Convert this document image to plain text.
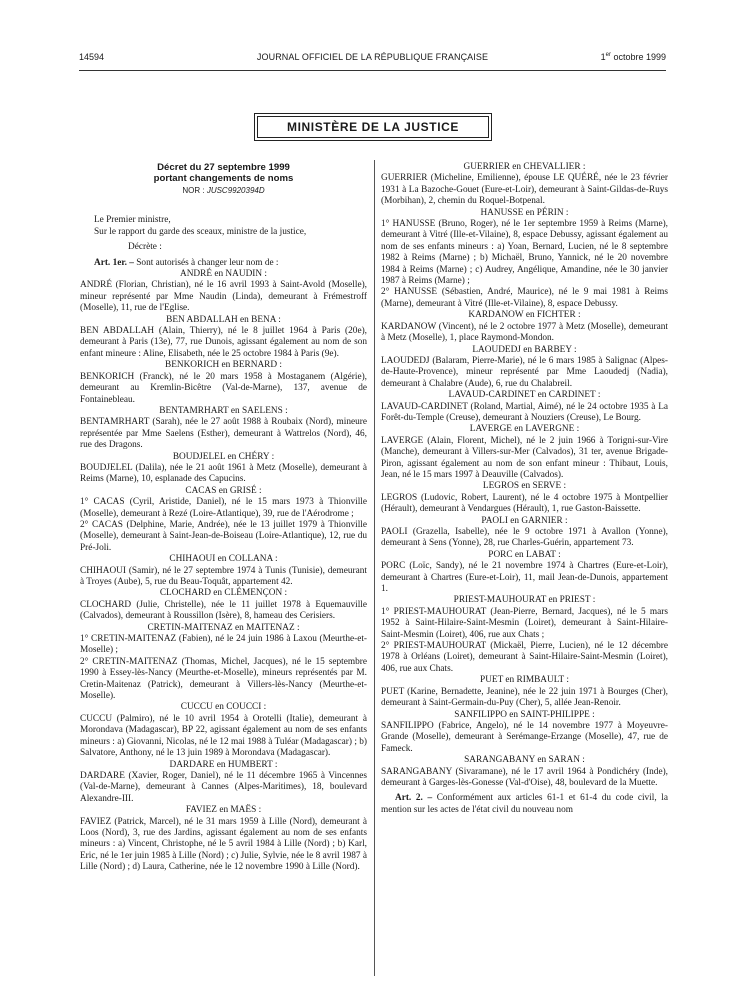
14594	JOURNAL OFFICIEL DE LA RÉPUBLIQUE FRANÇAISE	1er octobre 1999
MINISTÈRE DE LA JUSTICE

Décret du 27 septembre 1999

portant changements de noms

NOR : JUSC9920394D

Le Premier ministre,

Sur le rapport du garde des sceaux, ministre de la justice,

Décrète :

Art. 1er. – Sont autorisés à changer leur nom de :

ANDRÉ en NAUDIN :

ANDRÉ (Florian, Christian), né le 16 avril 1993 à Saint-Avold (Moselle), mineur représenté par Mme Naudin (Linda), demeurant à Frémestroff (Moselle), 11, rue de l'Eglise.

BEN ABDALLAH en BENA :

BEN ABDALLAH (Alain, Thierry), né le 8 juillet 1964 à Paris (20e), demeurant à Paris (13e), 77, rue Dunois, agissant également au nom de son enfant mineure : Aline, Elisabeth, née le 25 octobre 1984 à Paris (9e).

BENKORICH en BERNARD :

BENKORICH (Franck), né le 20 mars 1958 à Mostaganem (Algérie), demeurant au Kremlin-Bicêtre (Val-de-Marne), 137, avenue de Fontainebleau.

BENTAMRHART en SAELENS :

BENTAMRHART (Sarah), née le 27 août 1988 à Roubaix (Nord), mineure représentée par Mme Saelens (Esther), demeurant à Wattrelos (Nord), 46, rue des Dragons.

BOUDJELEL en CHÉRY :

BOUDJELEL (Dalila), née le 21 août 1961 à Metz (Moselle), demeurant à Reims (Marne), 10, esplanade des Capucins.

CACAS en GRISÉ :

1° CACAS (Cyril, Aristide, Daniel), né le 15 mars 1973 à Thionville (Moselle), demeurant à Rezé (Loire-Atlantique), 39, rue de l'Aérodrome ;

2° CACAS (Delphine, Marie, Andrée), née le 13 juillet 1979 à Thionville (Moselle), demeurant à Saint-Jean-de-Boiseau (Loire-Atlantique), 12, rue du Pré-Joli.

CHIHAOUI en COLLANA :

CHIHAOUI (Samir), né le 27 septembre 1974 à Tunis (Tunisie), demeurant à Troyes (Aube), 5, rue du Beau-Toquât, appartement 42.

CLOCHARD en CLÉMENÇON :

CLOCHARD (Julie, Christelle), née le 11 juillet 1978 à Equemauville (Calvados), demeurant à Roussillon (Isère), 8, hameau des Cerisiers.

CRETIN-MAITENAZ en MAITENAZ :

1° CRETIN-MAITENAZ (Fabien), né le 24 juin 1986 à Laxou (Meurthe-et-Moselle) ;

2° CRETIN-MAITENAZ (Thomas, Michel, Jacques), né le 15 septembre 1990 à Essey-lès-Nancy (Meurthe-et-Moselle), mineurs représentés par M. Cretin-Maitenaz (Patrick), demeurant à Villers-lès-Nancy (Meurthe-et-Moselle).

CUCCU en COUCCI :

CUCCU (Palmiro), né le 10 avril 1954 à Orotelli (Italie), demeurant à Morondava (Madagascar), BP 22, agissant également au nom de ses enfants mineurs : a) Giovanni, Nicolas, né le 12 mai 1988 à Tuléar (Madagascar) ; b) Salvatore, Anthony, né le 13 juin 1989 à Morondava (Madagascar).

DARDARE en HUMBERT :

DARDARE (Xavier, Roger, Daniel), né le 11 décembre 1965 à Vincennes (Val-de-Marne), demeurant à Cannes (Alpes-Maritimes), 18, boulevard Alexandre-III.

FAVIEZ en MAËS :

FAVIEZ (Patrick, Marcel), né le 31 mars 1959 à Lille (Nord), demeurant à Loos (Nord), 3, rue des Jardins, agissant également au nom de ses enfants mineurs : a) Vincent, Christophe, né le 5 avril 1984 à Lille (Nord) ; b) Karl, Eric, né le 1er juin 1985 à Lille (Nord) ; c) Julie, Sylvie, née le 8 avril 1987 à Lille (Nord) ; d) Laura, Catherine, née le 12 novembre 1990 à Lille (Nord).

GUERRIER en CHEVALLIER :

GUERRIER (Micheline, Emilienne), épouse LE QUÉRÉ, née le 23 février 1931 à La Bazoche-Gouet (Eure-et-Loir), demeurant à Saint-Gildas-de-Ruys (Morbihan), 2, chemin du Roquel-Botpenal.

HANUSSE en PÉRIN :

1° HANUSSE (Bruno, Roger), né le 1er septembre 1959 à Reims (Marne), demeurant à Vitré (Ille-et-Vilaine), 8, espace Debussy, agissant également au nom de ses enfants mineurs : a) Yoan, Bernard, Lucien, né le 8 septembre 1982 à Reims (Marne) ; b) Michaël, Bruno, Yannick, né le 20 novembre 1984 à Reims (Marne) ; c) Audrey, Angélique, Amandine, née le 30 janvier 1987 à Reims (Marne) ;

2° HANUSSE (Sébastien, André, Maurice), né le 9 mai 1981 à Reims (Marne), demeurant à Vitré (Ille-et-Vilaine), 8, espace Debussy.

KARDANOW en FICHTER :

KARDANOW (Vincent), né le 2 octobre 1977 à Metz (Moselle), demeurant à Metz (Moselle), 1, place Raymond-Mondon.

LAOUDEDJ en BARBEY :

LAOUDEDJ (Balaram, Pierre-Marie), né le 6 mars 1985 à Salignac (Alpes-de-Haute-Provence), mineur représenté par Mme Laoudedj (Nadia), demeurant à Chalabre (Aude), 6, rue du Chalabreil.

LAVAUD-CARDINET en CARDINET :

LAVAUD-CARDINET (Roland, Martial, Aimé), né le 24 octobre 1935 à La Forêt-du-Temple (Creuse), demeurant à Nouziers (Creuse), Le Bourg.

LAVERGE en LAVERGNE :

LAVERGE (Alain, Florent, Michel), né le 2 juin 1966 à Torigni-sur-Vire (Manche), demeurant à Villers-sur-Mer (Calvados), 31 ter, avenue Brigade-Piron, agissant également au nom de son enfant mineur : Thibaut, Louis, Jean, né le 15 mars 1997 à Deauville (Calvados).

LEGROS en SERVE :

LEGROS (Ludovic, Robert, Laurent), né le 4 octobre 1975 à Montpellier (Hérault), demeurant à Vendargues (Hérault), 1, rue Gaston-Baissette.

PAOLI en GARNIER :

PAOLI (Grazella, Isabelle), née le 9 octobre 1971 à Avallon (Yonne), demeurant à Sens (Yonne), 28, rue Charles-Guérin, appartement 73.

PORC en LABAT :

PORC (Loïc, Sandy), né le 21 novembre 1974 à Chartres (Eure-et-Loir), demeurant à Chartres (Eure-et-Loir), 11, mail Jean-de-Dunois, appartement 1.

PRIEST-MAUHOURAT en PRIEST :

1° PRIEST-MAUHOURAT (Jean-Pierre, Bernard, Jacques), né le 5 mars 1952 à Saint-Hilaire-Saint-Mesmin (Loiret), demeurant à Saint-Hilaire-Saint-Mesmin (Loiret), 406, rue aux Chats ;

2° PRIEST-MAUHOURAT (Mickaël, Pierre, Lucien), né le 12 décembre 1978 à Orléans (Loiret), demeurant à Saint-Hilaire-Saint-Mesmin (Loiret), 406, rue aux Chats.

PUET en RIMBAULT :

PUET (Karine, Bernadette, Jeanine), née le 22 juin 1971 à Bourges (Cher), demeurant à Saint-Germain-du-Puy (Cher), 5, allée Jean-Renoir.

SANFILIPPO en SAINT-PHILIPPE :

SANFILIPPO (Fabrice, Angelo), né le 14 novembre 1977 à Moyeuvre-Grande (Moselle), demeurant à Serémange-Erzange (Moselle), 47, rue de Fameck.

SARANGABANY en SARAN :

SARANGABANY (Sivaramane), né le 17 avril 1964 à Pondichéry (Inde), demeurant à Garges-lès-Gonesse (Val-d'Oise), 48, boulevard de la Muette.

Art. 2. – Conformément aux articles 61-1 et 61-4 du code civil, la mention sur les actes de l'état civil du nouveau nom
